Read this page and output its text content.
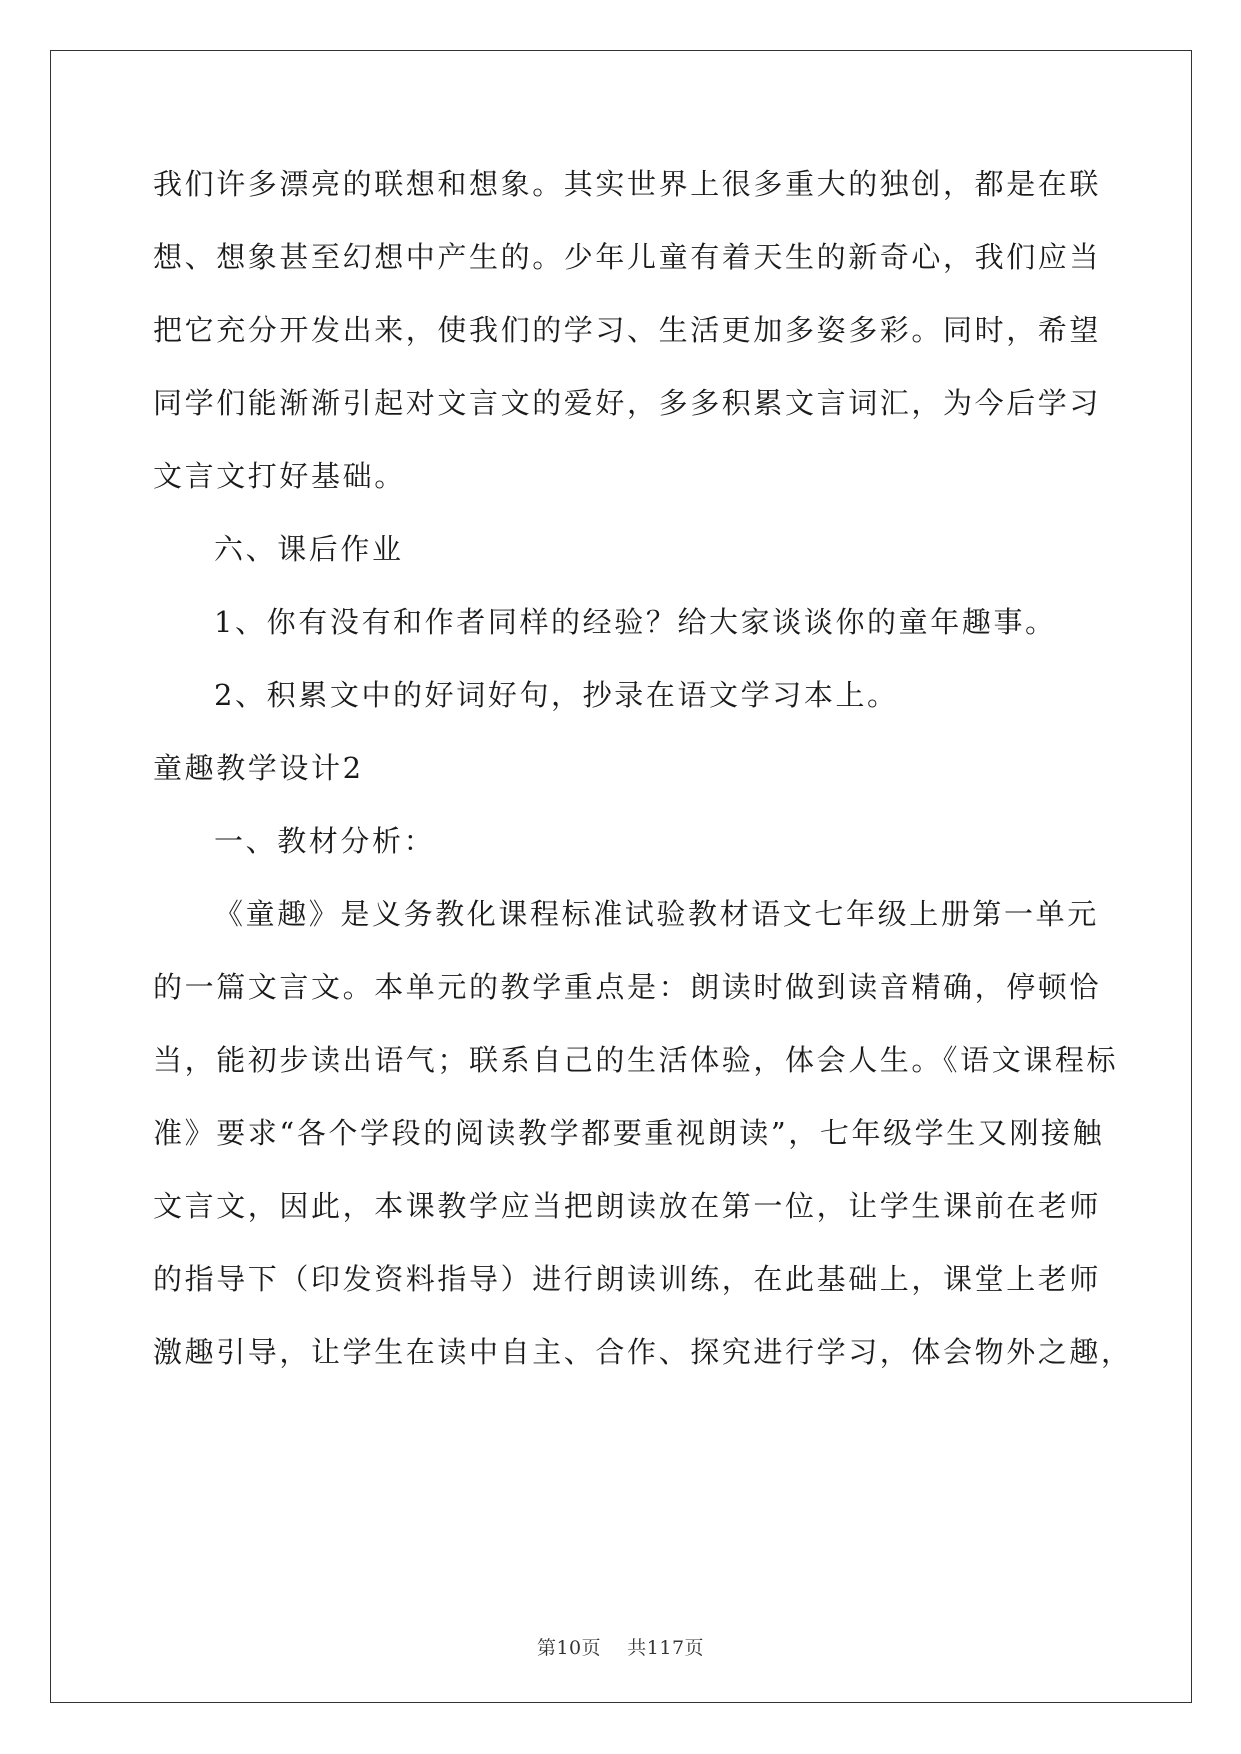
我们许多漂亮的联想和想象。其实世界上很多重大的独创，都是在联
想、想象甚至幻想中产生的。少年儿童有着天生的新奇心，我们应当
把它充分开发出来，使我们的学习、生活更加多姿多彩。同时，希望
同学们能渐渐引起对文言文的爱好，多多积累文言词汇，为今后学习
文言文打好基础。
六、课后作业
1、你有没有和作者同样的经验？给大家谈谈你的童年趣事。
2、积累文中的好词好句，抄录在语文学习本上。
童趣教学设计2
一、教材分析：
《童趣》是义务教化课程标准试验教材语文七年级上册第一单元
的一篇文言文。本单元的教学重点是：朗读时做到读音精确，停顿恰
当，能初步读出语气；联系自己的生活体验，体会人生。《语文课程标
准》要求“各个学段的阅读教学都要重视朗读”，七年级学生又刚接触
文言文，因此，本课教学应当把朗读放在第一位，让学生课前在老师
的指导下（印发资料指导）进行朗读训练，在此基础上，课堂上老师
激趣引导，让学生在读中自主、合作、探究进行学习，体会物外之趣，
第10页    共117页
